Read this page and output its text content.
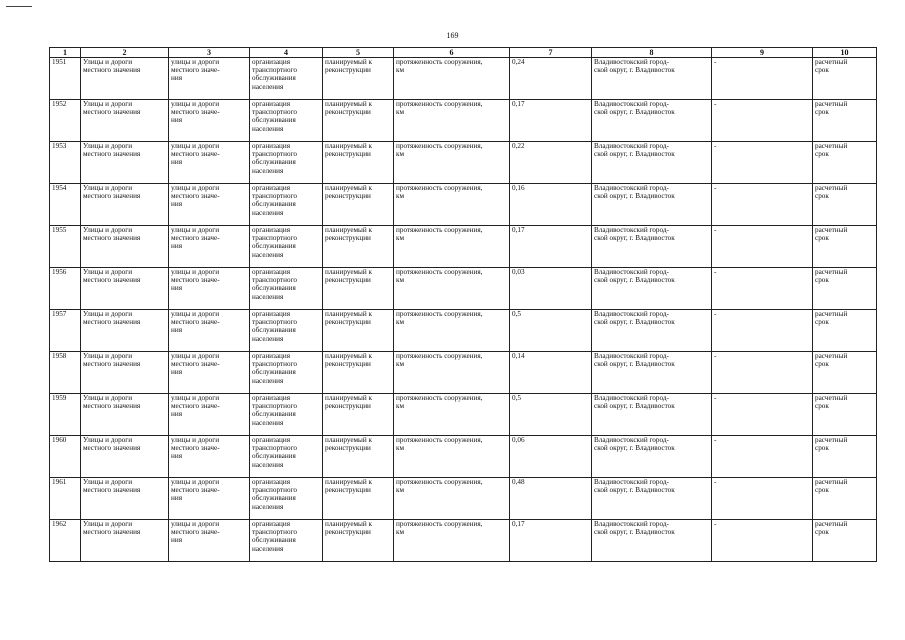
169
1	2	3	4	5	6	7	8	9	10
1951	Улицы и дороги
местного значения	улицы и дороги
местного значе-
ния	организация
транспортного
обслуживания
населения	планируемый к
реконструкции	протяженность сооружения,
км	0,24	Владивостокский город-
ской округ, г. Владивосток	-	расчетный
срок
1952	Улицы и дороги
местного значения	улицы и дороги
местного значе-
ния	организация
транспортного
обслуживания
населения	планируемый к
реконструкции	протяженность сооружения,
км	0,17	Владивостокский город-
ской округ, г. Владивосток	-	расчетный
срок
1953	Улицы и дороги
местного значения	улицы и дороги
местного значе-
ния	организация
транспортного
обслуживания
населения	планируемый к
реконструкции	протяженность сооружения,
км	0,22	Владивостокский город-
ской округ, г. Владивосток	-	расчетный
срок
1954	Улицы и дороги
местного значения	улицы и дороги
местного значе-
ния	организация
транспортного
обслуживания
населения	планируемый к
реконструкции	протяженность сооружения,
км	0,16	Владивостокский город-
ской округ, г. Владивосток	-	расчетный
срок
1955	Улицы и дороги
местного значения	улицы и дороги
местного значе-
ния	организация
транспортного
обслуживания
населения	планируемый к
реконструкции	протяженность сооружения,
км	0,17	Владивостокский город-
ской округ, г. Владивосток	-	расчетный
срок
1956	Улицы и дороги
местного значения	улицы и дороги
местного значе-
ния	организация
транспортного
обслуживания
населения	планируемый к
реконструкции	протяженность сооружения,
км	0,03	Владивостокский город-
ской округ, г. Владивосток	-	расчетный
срок
1957	Улицы и дороги
местного значения	улицы и дороги
местного значе-
ния	организация
транспортного
обслуживания
населения	планируемый к
реконструкции	протяженность сооружения,
км	0,5	Владивостокский город-
ской округ, г. Владивосток	-	расчетный
срок
1958	Улицы и дороги
местного значения	улицы и дороги
местного значе-
ния	организация
транспортного
обслуживания
населения	планируемый к
реконструкции	протяженность сооружения,
км	0,14	Владивостокский город-
ской округ, г. Владивосток	-	расчетный
срок
1959	Улицы и дороги
местного значения	улицы и дороги
местного значе-
ния	организация
транспортного
обслуживания
населения	планируемый к
реконструкции	протяженность сооружения,
км	0,5	Владивостокский город-
ской округ, г. Владивосток	-	расчетный
срок
1960	Улицы и дороги
местного значения	улицы и дороги
местного значе-
ния	организация
транспортного
обслуживания
населения	планируемый к
реконструкции	протяженность сооружения,
км	0,06	Владивостокский город-
ской округ, г. Владивосток	-	расчетный
срок
1961	Улицы и дороги
местного значения	улицы и дороги
местного значе-
ния	организация
транспортного
обслуживания
населения	планируемый к
реконструкции	протяженность сооружения,
км	0,48	Владивостокский город-
ской округ, г. Владивосток	-	расчетный
срок
1962	Улицы и дороги
местного значения	улицы и дороги
местного значе-
ния	организация
транспортного
обслуживания
населения	планируемый к
реконструкции	протяженность сооружения,
км	0,17	Владивостокский город-
ской округ, г. Владивосток	-	расчетный
срок
